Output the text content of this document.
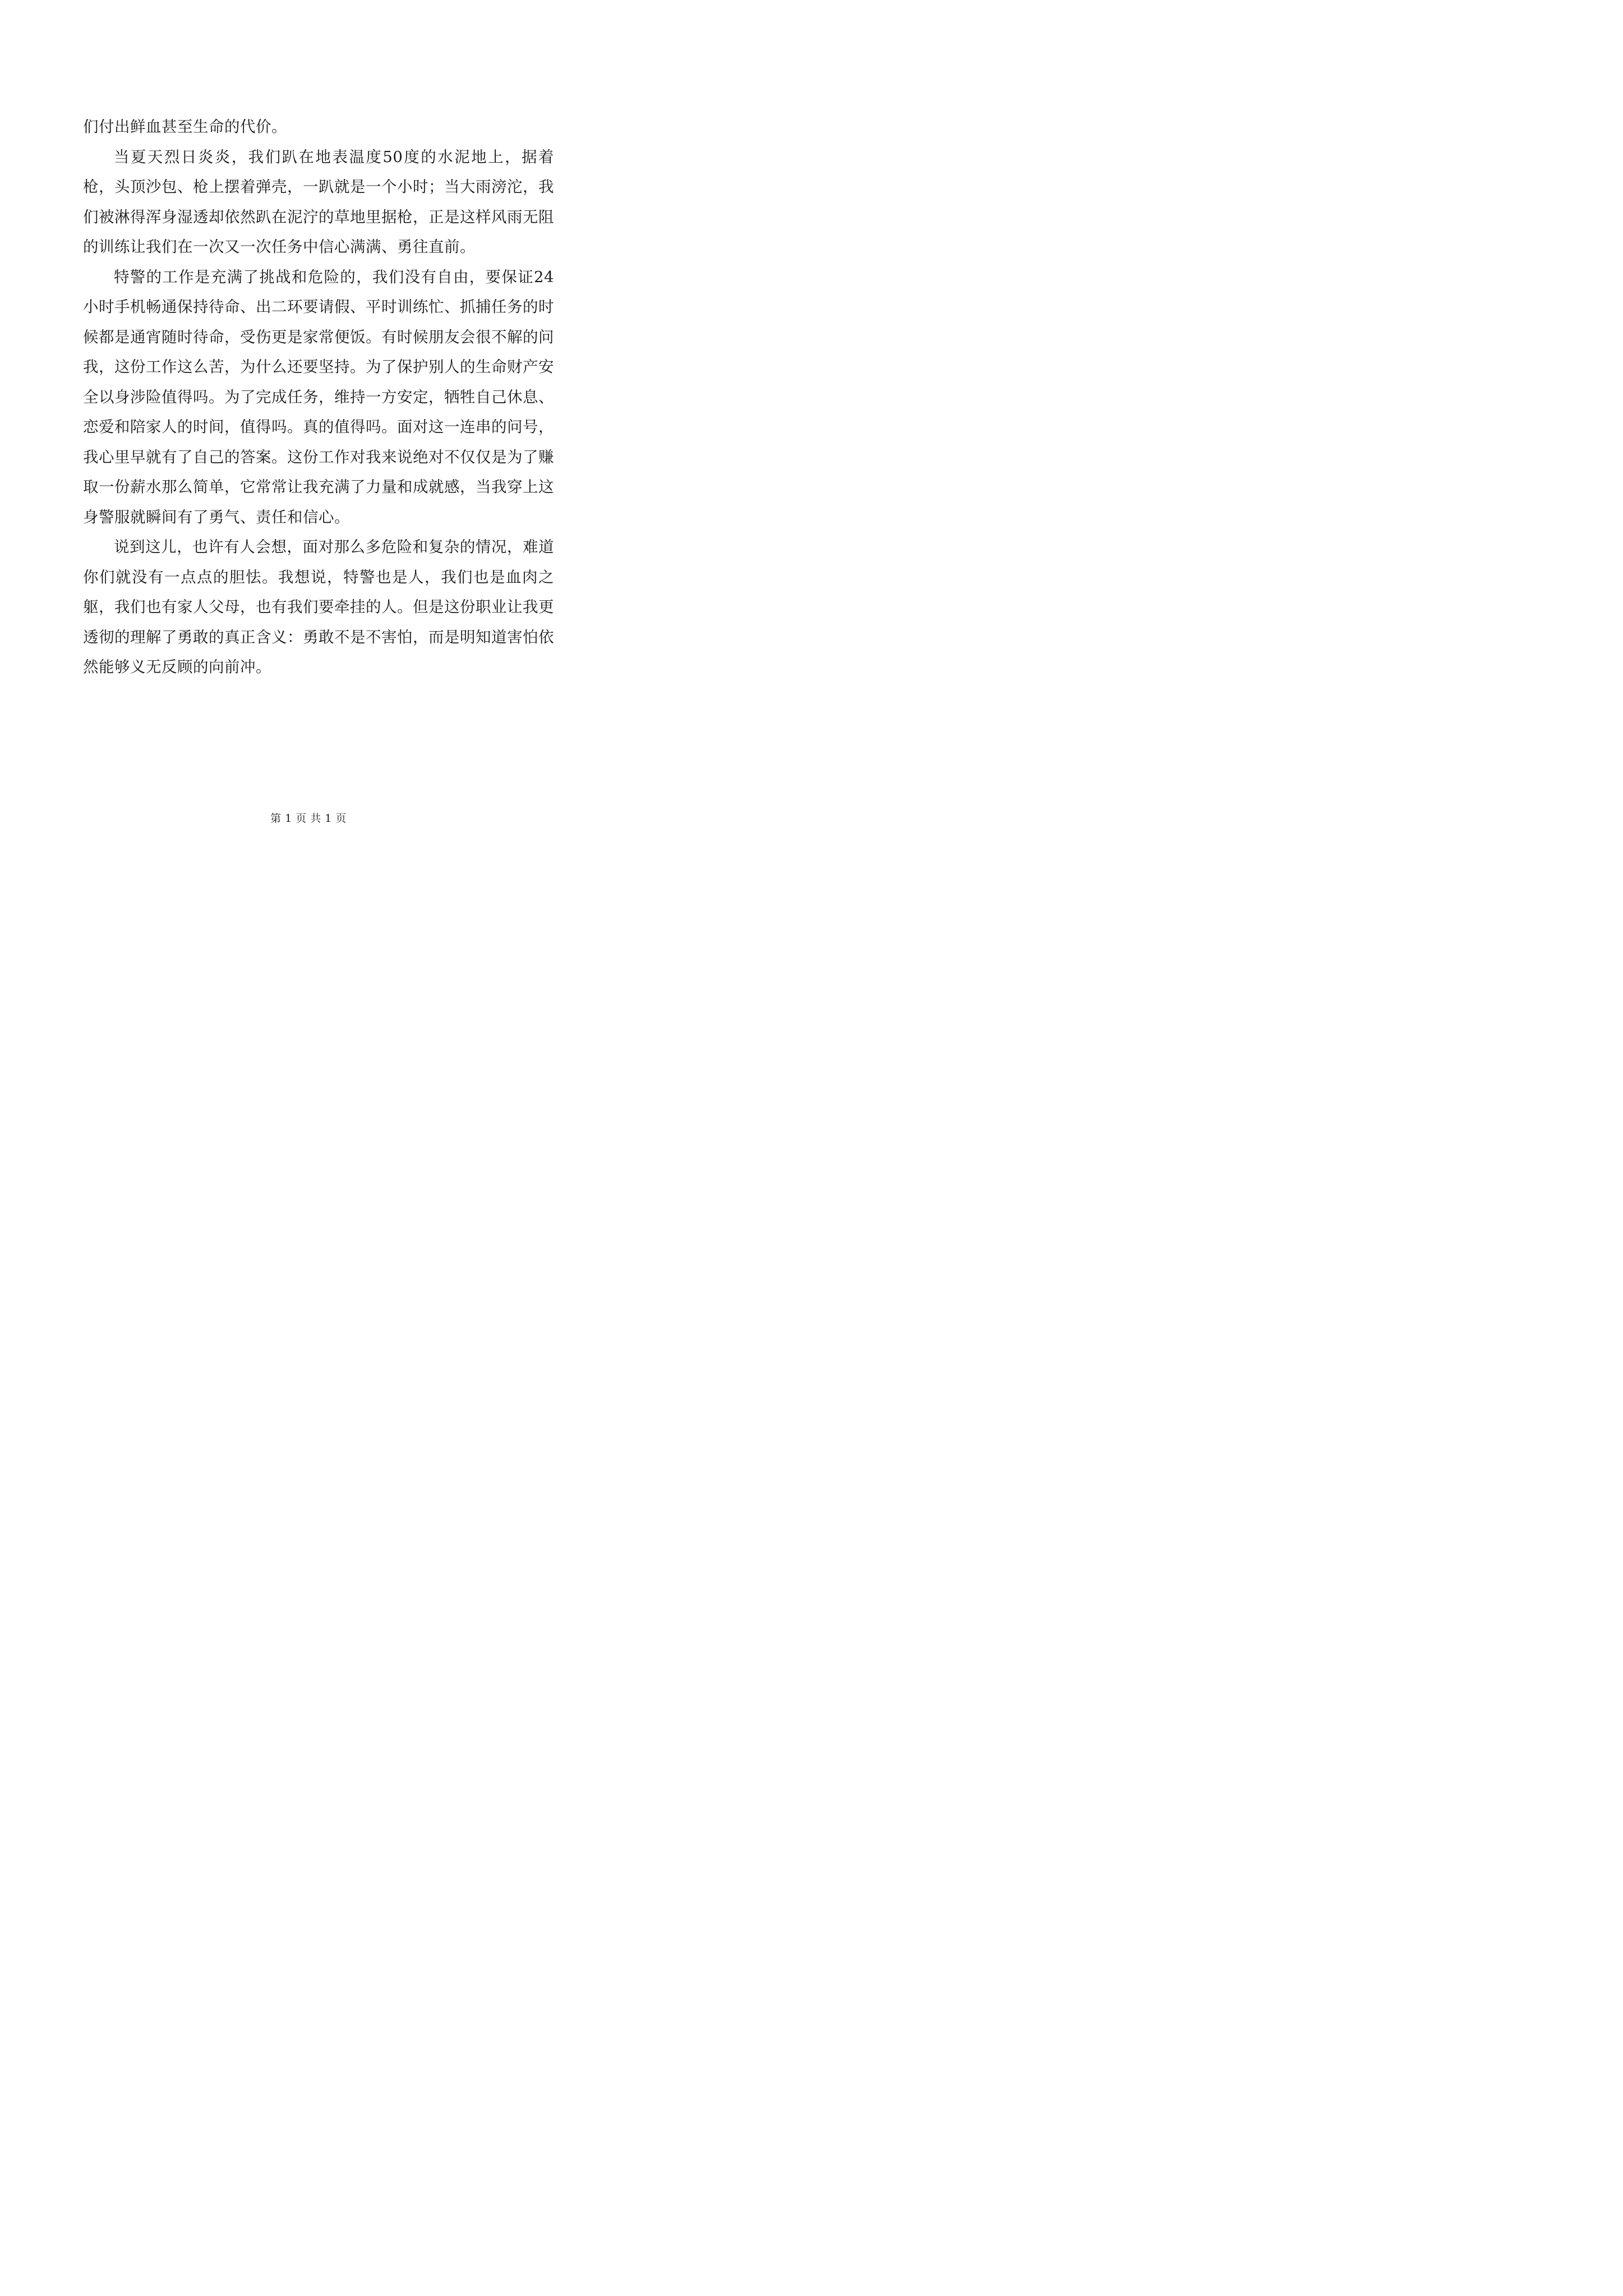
们付出鲜血甚至生命的代价。

当夏天烈日炎炎，我们趴在地表温度50度的水泥地上，据着枪，头顶沙包、枪上摆着弹壳，一趴就是一个小时；当大雨滂沱，我们被淋得浑身湿透却依然趴在泥泞的草地里据枪，正是这样风雨无阻的训练让我们在一次又一次任务中信心满满、勇往直前。

特警的工作是充满了挑战和危险的，我们没有自由，要保证24小时手机畅通保持待命、出二环要请假、平时训练忙、抓捕任务的时候都是通宵随时待命，受伤更是家常便饭。有时候朋友会很不解的问我，这份工作这么苦，为什么还要坚持。为了保护别人的生命财产安全以身涉险值得吗。为了完成任务，维持一方安定，牺牲自己休息、恋爱和陪家人的时间，值得吗。真的值得吗。面对这一连串的问号，我心里早就有了自己的答案。这份工作对我来说绝对不仅仅是为了赚取一份薪水那么简单，它常常让我充满了力量和成就感，当我穿上这身警服就瞬间有了勇气、责任和信心。

说到这儿，也许有人会想，面对那么多危险和复杂的情况，难道你们就没有一点点的胆怯。我想说，特警也是人，我们也是血肉之躯，我们也有家人父母，也有我们要牵挂的人。但是这份职业让我更透彻的理解了勇敢的真正含义：勇敢不是不害怕，而是明知道害怕依然能够义无反顾的向前冲。

第 1 页 共 1 页
